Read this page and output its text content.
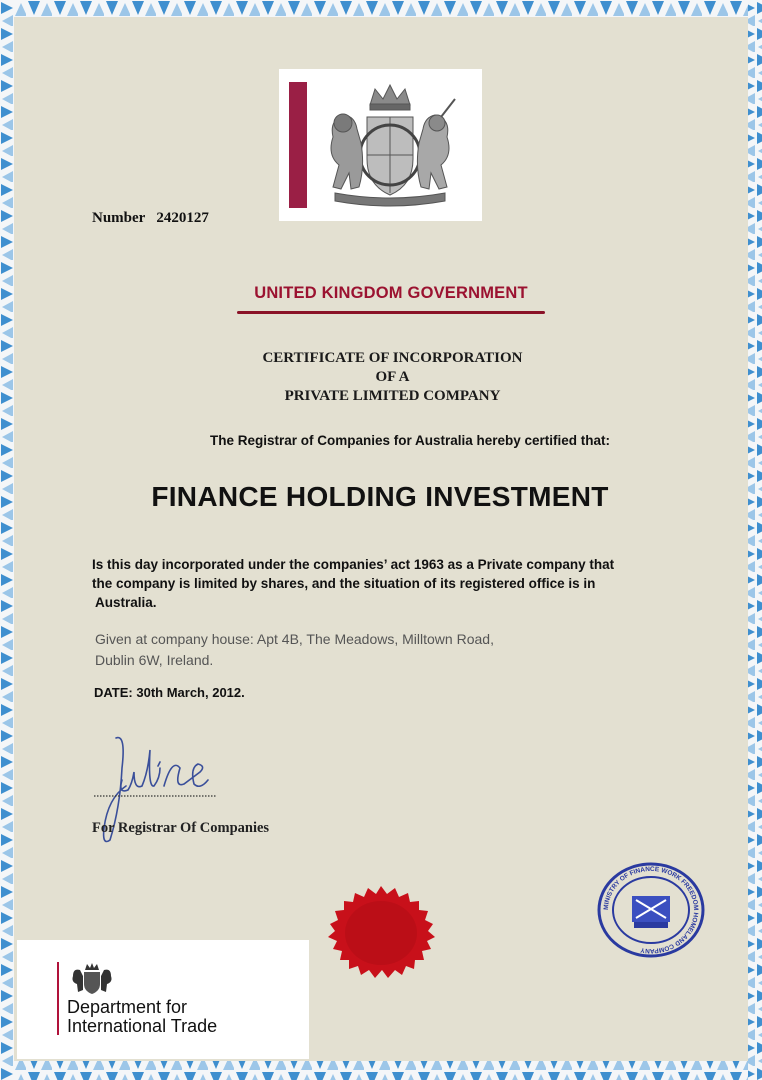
Number 2420127
UNITED KINGDOM GOVERNMENT
CERTIFICATE OF INCORPORATION
OF A
PRIVATE LIMITED COMPANY
The Registrar of Companies for Australia hereby certified that:
FINANCE HOLDING INVESTMENT
Is this day incorporated under the companies’ act 1963 as a Private company that
the company is limited by shares, and the situation of its registered office is in
Australia.
Given at company house: Apt 4B, The Meadows, Milltown Road,
Dublin 6W, Ireland.
DATE: 30th March, 2012.
For Registrar Of Companies
MINISTRY OF FINANCE WORK FREEDOM HOMELAND COMPANY
Department for
International Trade
